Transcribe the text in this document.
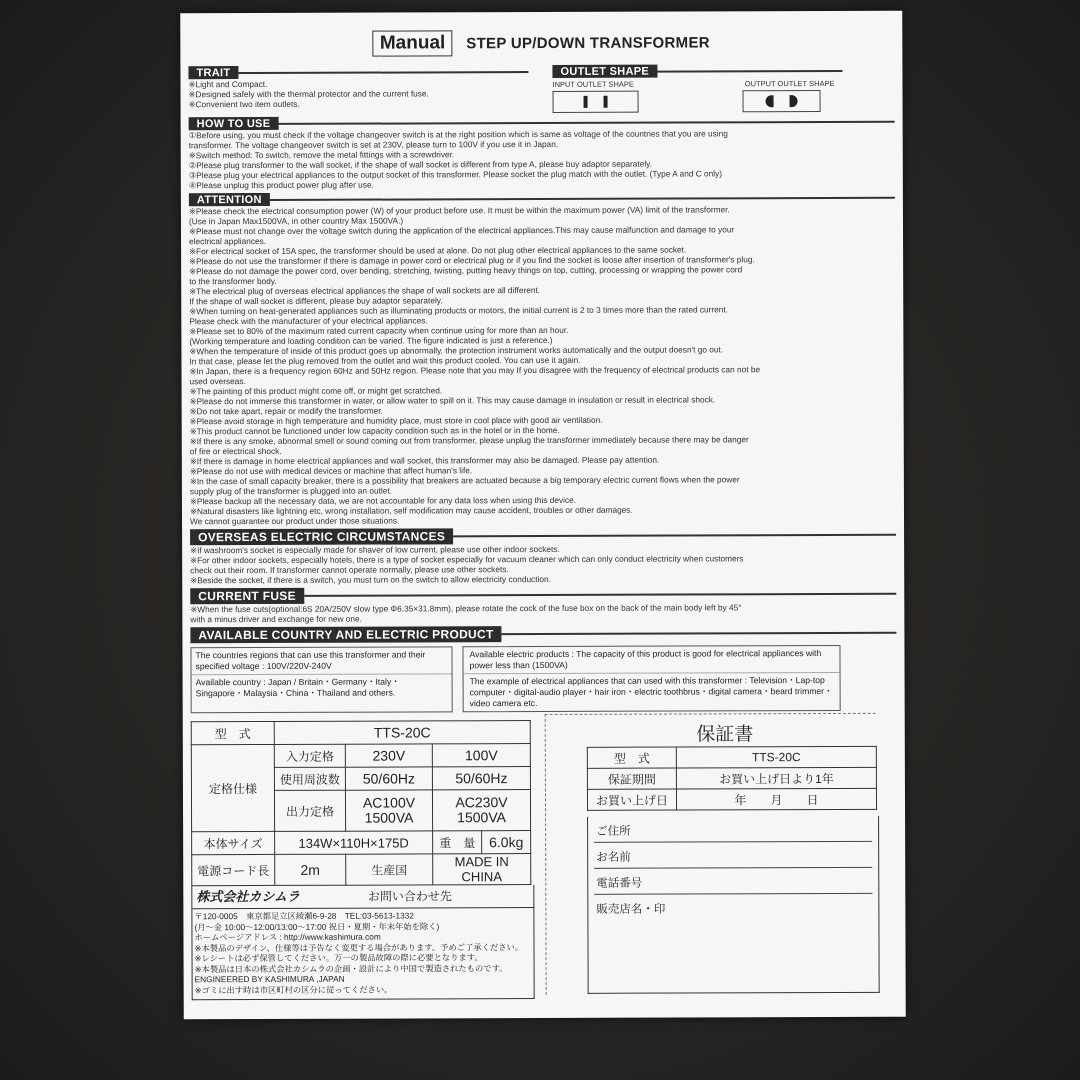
Manual	STEP UP/DOWN TRANSFORMER
TRAIT

※Light and Compact.

※Designed safely with the thermal protector and the current fuse.

※Convenient two item outlets.

OUTLET SHAPE
INPUT OUTLET SHAPE	OUTPUT OUTLET SHAPE
HOW TO USE

①Before using, you must check if the voltage changeover switch is at the right position which is same as voltage of the countries that you are using

transformer. The voltage changeover switch is set at 230V, please turn to 100V if you use it in Japan.

※Switch method: To switch, remove the metal fittings with a screwdriver.

②Please plug transformer to the wall socket, if the shape of wall socket is different from type A, please buy adaptor separately.

③Please plug your electrical appliances to the output socket of this transformer. Please socket the plug match with the outlet. (Type A and C only)

④Please unplug this product power plug after use.

ATTENTION

※Please check the electrical consumption power (W) of your product before use. It must be within the maximum power (VA) limit of the transformer.

(Use in Japan Max1500VA, in other country Max 1500VA.)

※Please must not change over the voltage switch during the application of the electrical appliances.This may cause malfunction and damage to your

electrical appliances.

※For electrical socket of 15A spec, the transformer should be used at alone. Do not plug other electrical appliances to the same socket.

※Please do not use the transformer if there is damage in power cord or electrical plug or if you find the socket is loose after insertion of transformer's plug.

※Please do not damage the power cord, over bending, stretching, twisting, putting heavy things on top, cutting, processing or wrapping the power cord

to the transformer body.

※The electrical plug of overseas electrical appliances the shape of wall sockets are all different.

If the shape of wall socket is different, please buy adaptor separately.

※When turning on heat-generated appliances such as illuminating products or motors, the initial current is 2 to 3 times more than the rated current.

Please check with the manufacturer of your electrical appliances.

※Please set to 80% of the maximum rated current capacity when continue using for more than an hour.

(Working temperature and loading condition can be varied. The figure indicated is just a reference.)

※When the temperature of inside of this product goes up abnormally, the protection instrument works automatically and the output doesn't go out.

In that case, please let the plug removed from the outlet and wait this product cooled. You can use it again.

※In Japan, there is a frequency region 60Hz and 50Hz region. Please note that you may If you disagree with the frequency of electrical products can not be

used overseas.

※The painting of this product might come off, or might get scratched.

※Please do not immerse this transformer in water, or allow water to spill on it. This may cause damage in insulation or result in electrical shock.

※Do not take apart, repair or modify the transformer.

※Please avoid storage in high temperature and humidity place, must store in cool place with good air ventilation.

※This product cannot be functioned under low capacity condition such as in the hotel or in the home.

※If there is any smoke, abnormal smell or sound coming out from transformer, please unplug the transformer immediately because there may be danger

of fire or electrical shock.

※If there is damage in home electrical appliances and wall socket, this transformer may also be damaged. Please pay attention.

※Please do not use with medical devices or machine that affect human's life.

※In the case of small capacity breaker, there is a possibility that breakers are actuated because a big temporary electric current flows when the power

supply plug of the transformer is plugged into an outlet.

※Please backup all the necessary data, we are not accountable for any data loss when using this device.

※Natural disasters like lightning etc, wrong installation, self modification may cause accident, troubles or other damages.

We cannot guarantee our product under those situations.

OVERSEAS ELECTRIC CIRCUMSTANCES

※If washroom's socket is especially made for shaver of low current, please use other indoor sockets.

※For other indoor sockets, especially hotels, there is a type of socket especially for vacuum cleaner which can only conduct electricity when customers

check out their room. If transformer cannot operate normally, please use other sockets.

※Beside the socket, if there is a switch, you must turn on the switch to allow electricity conduction.

CURRENT FUSE

※When the fuse cuts(optional:6S 20A/250V slow type Φ6.35×31.8mm), please rotate the cock of the fuse box on the back of the main body left by 45°

with a minus driver and exchange for new one.

AVAILABLE COUNTRY AND ELECTRIC PRODUCT
The countries regions that can use this transformer and their specified voltage : 100V/220V-240V
Available country : Japan / Britain・Germany・Italy・Singapore・Malaysia・China・Thailand and others.
Available electric products : The capacity of this product is good for electrical appliances with power less than (1500VA)
The example of electrical appliances that can used with this transformer : Television・Lap-top computer・digital-audio player・hair iron・electric toothbrus・digital camera・beard trimmer・video camera etc.
型　式	TTS-20C			
定格仕様	入力定格	230V	100V	
	使用周波数	50/60Hz	50/60Hz	
	出力定格	AC100V 1500VA	AC230V 1500VA	
本体サイズ	134W×110H×175D		重　量	6.0kg
電源コード長	2m	生産国	MADE IN CHINA	
株式会社カシムラ	お問い合わせ先

〒120-0005　東京都足立区綾瀬6-9-28　TEL:03-5613-1332

(月～金 10:00～12:00/13:00～17:00 祝日・夏期・年末年始を除く)

ホームページアドレス : http://www.kashimura.com

※本製品のデザイン、仕様等は予告なく変更する場合があります。予めご了承ください。

※レシートは必ず保管してください。万一の製品故障の際に必要となります。

※本製品は日本の株式会社カシムラの企画・設計により中国で製造されたものです。

ENGINEERED BY KASHIMURA ,JAPAN

※ゴミに出す時は市区町村の区分に従ってください。

保証書
型　式	TTS-20C
保証期間	お買い上げ日より1年
お買い上げ日	年　　月　　日
ご住所
お名前
電話番号
販売店名・印
